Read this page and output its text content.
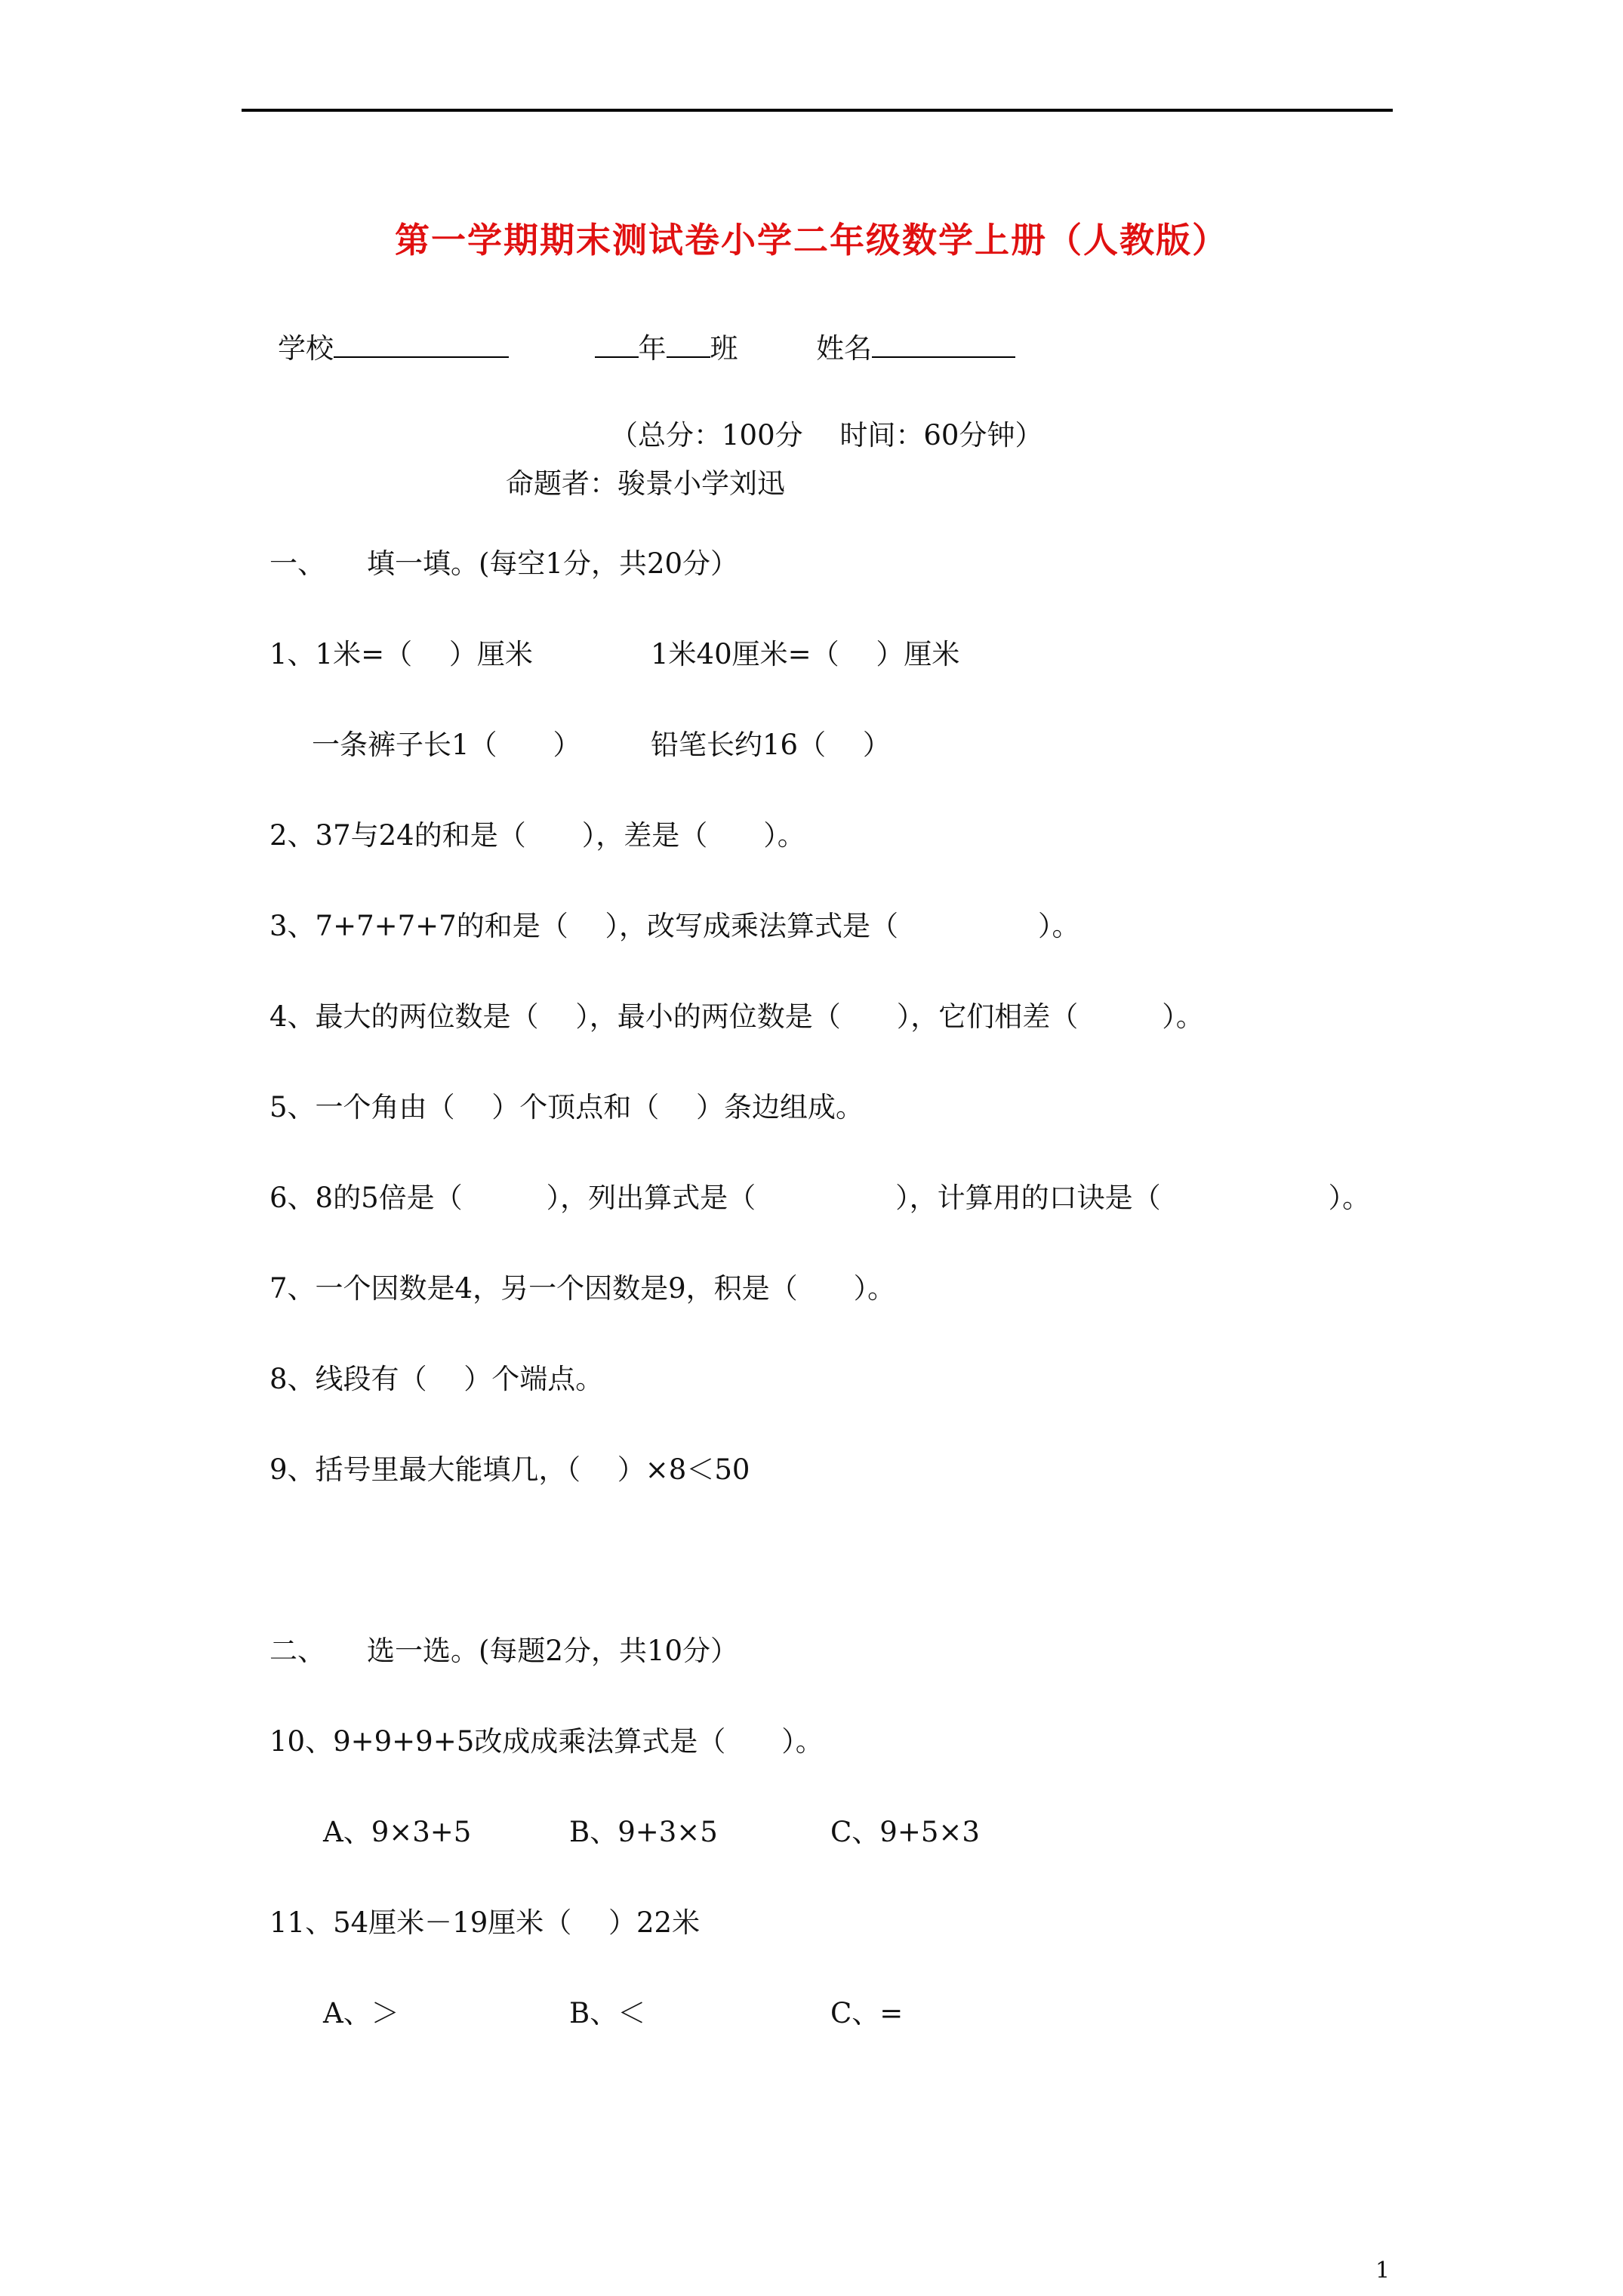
第一学期期末测试卷小学二年级数学上册（人教版）
学校	年 班	姓名
（总分：100分　 时间：60分钟）
命题者：骏景小学刘迅
一、 填一填。(每空1分，共20分）
1、1米=（　 ）厘米	1米40厘米=（　 ）厘米
一条裤子长1（　　） 铅笔长约16（　 ）
2、37与24的和是（　　），差是（　　）。
3、7+7+7+7的和是（　 ），改写成乘法算式是（　　　　　）。
4、最大的两位数是（　 ），最小的两位数是（　　），它们相差（　　　）。
5、一个角由（　 ）个顶点和（　 ）条边组成。
6、8的5倍是（　　　），列出算式是（　　　　　），计算用的口诀是（　　　　　　）。
7、一个因数是4，另一个因数是9，积是（　　）。
8、线段有（　 ）个端点。
9、括号里最大能填几，（　 ）×8＜50
二、 选一选。(每题2分，共10分）
10、9+9+9+5改成成乘法算式是（　　）。
A、9×3+5	B、9+3×5	C、9+5×3
11、54厘米－19厘米（　 ）22米
A、＞	B、＜	C、=
1
